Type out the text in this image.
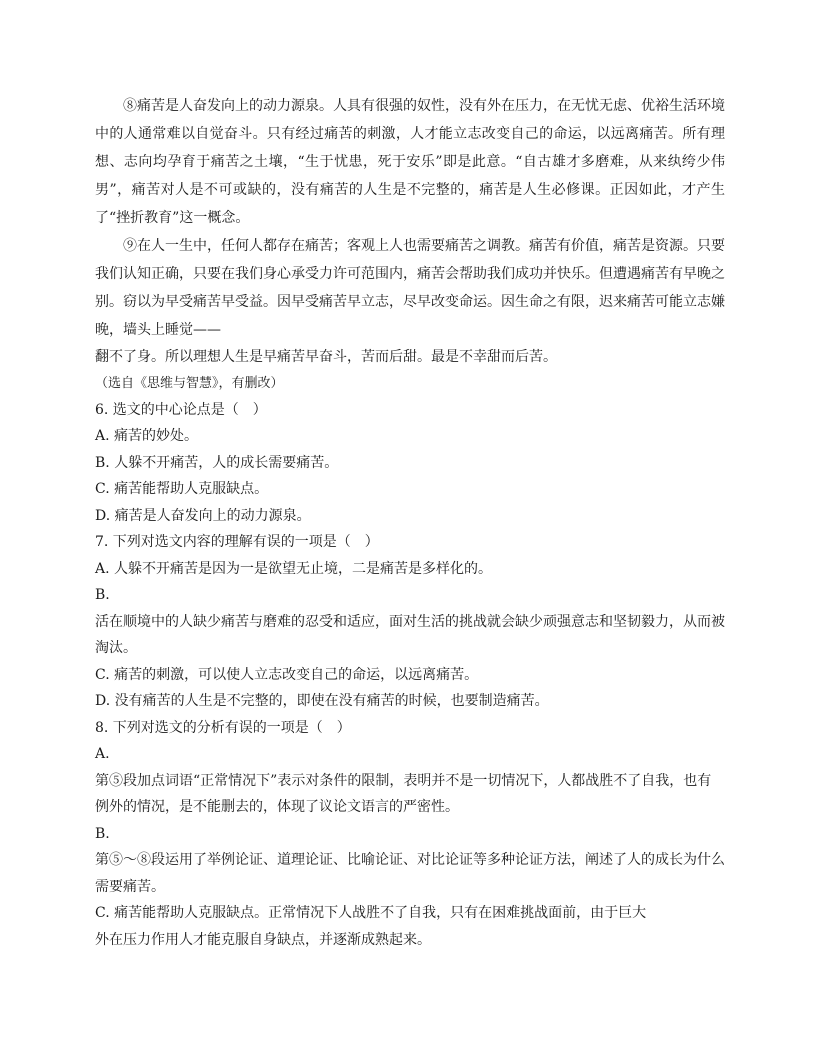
⑧痛苦是人奋发向上的动力源泉。人具有很强的奴性，没有外在压力，在无忧无虑、优裕生活环境中的人通常难以自觉奋斗。只有经过痛苦的刺激，人才能立志改变自己的命运，以远离痛苦。所有理想、志向均孕育于痛苦之土壤，“生于忧患，死于安乐”即是此意。“自古雄才多磨难，从来纨绔少伟男”，痛苦对人是不可或缺的，没有痛苦的人生是不完整的，痛苦是人生必修课。正因如此，才产生了“挫折教育”这一概念。

⑨在人一生中，任何人都存在痛苦；客观上人也需要痛苦之调教。痛苦有价值，痛苦是资源。只要我们认知正确，只要在我们身心承受力许可范围内，痛苦会帮助我们成功并快乐。但遭遇痛苦有早晚之别。窃以为早受痛苦早受益。因早受痛苦早立志，尽早改变命运。因生命之有限，迟来痛苦可能立志嫌晚，墙头上睡觉——

翻不了身。所以理想人生是早痛苦早奋斗，苦而后甜。最是不幸甜而后苦。

（选自《思维与智慧》，有删改）

6. 选文的中心论点是（　）

A. 痛苦的妙处。

B. 人躲不开痛苦，人的成长需要痛苦。

C. 痛苦能帮助人克服缺点。

D. 痛苦是人奋发向上的动力源泉。

7. 下列对选文内容的理解有误的一项是（　）

A. 人躲不开痛苦是因为一是欲望无止境，二是痛苦是多样化的。

B.

活在顺境中的人缺少痛苦与磨难的忍受和适应，面对生活的挑战就会缺少顽强意志和坚韧毅力，从而被淘汰。

C. 痛苦的刺激，可以使人立志改变自己的命运，以远离痛苦。

D. 没有痛苦的人生是不完整的，即使在没有痛苦的时候，也要制造痛苦。

8. 下列对选文的分析有误的一项是（　）

A.

第⑤段加点词语“正常情况下”表示对条件的限制，表明并不是一切情况下，人都战胜不了自我，也有例外的情况，是不能删去的，体现了议论文语言的严密性。

B.

第⑤～⑧段运用了举例论证、道理论证、比喻论证、对比论证等多种论证方法，阐述了人的成长为什么需要痛苦。

C. 痛苦能帮助人克服缺点。正常情况下人战胜不了自我，只有在困难挑战面前，由于巨大

外在压力作用人才能克服自身缺点，并逐渐成熟起来。
